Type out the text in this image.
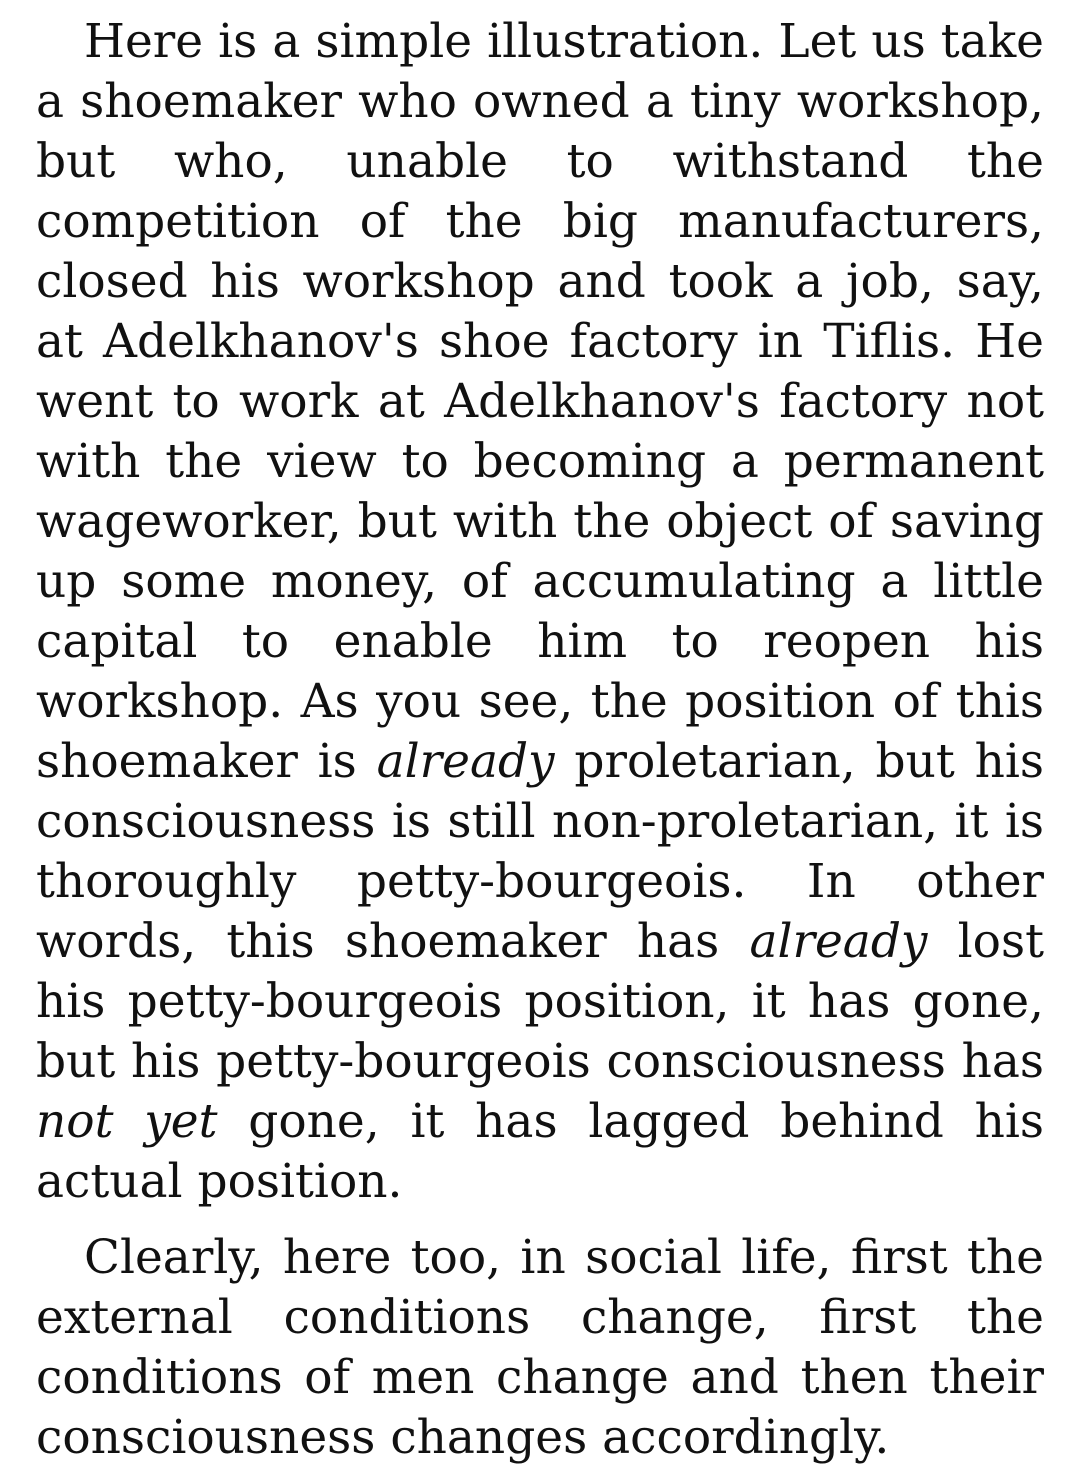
Here is a simple illustration. Let us take a shoemaker who owned a tiny workshop, but who, unable to withstand the competition of the big manufacturers, closed his workshop and took a job, say, at Adelkhanov's shoe factory in Tiflis. He went to work at Adelkhanov's factory not with the view to becoming a permanent wageworker, but with the object of saving up some money, of accumulating a little capital to enable him to reopen his workshop. As you see, the position of this shoemaker is already proletarian, but his consciousness is still non-proletarian, it is thoroughly petty-bourgeois. In other words, this shoemaker has already lost his petty-bourgeois position, it has gone, but his petty-bourgeois consciousness has not yet gone, it has lagged behind his actual position.

Clearly, here too, in social life, first the external conditions change, first the conditions of men change and then their consciousness changes accordingly.
